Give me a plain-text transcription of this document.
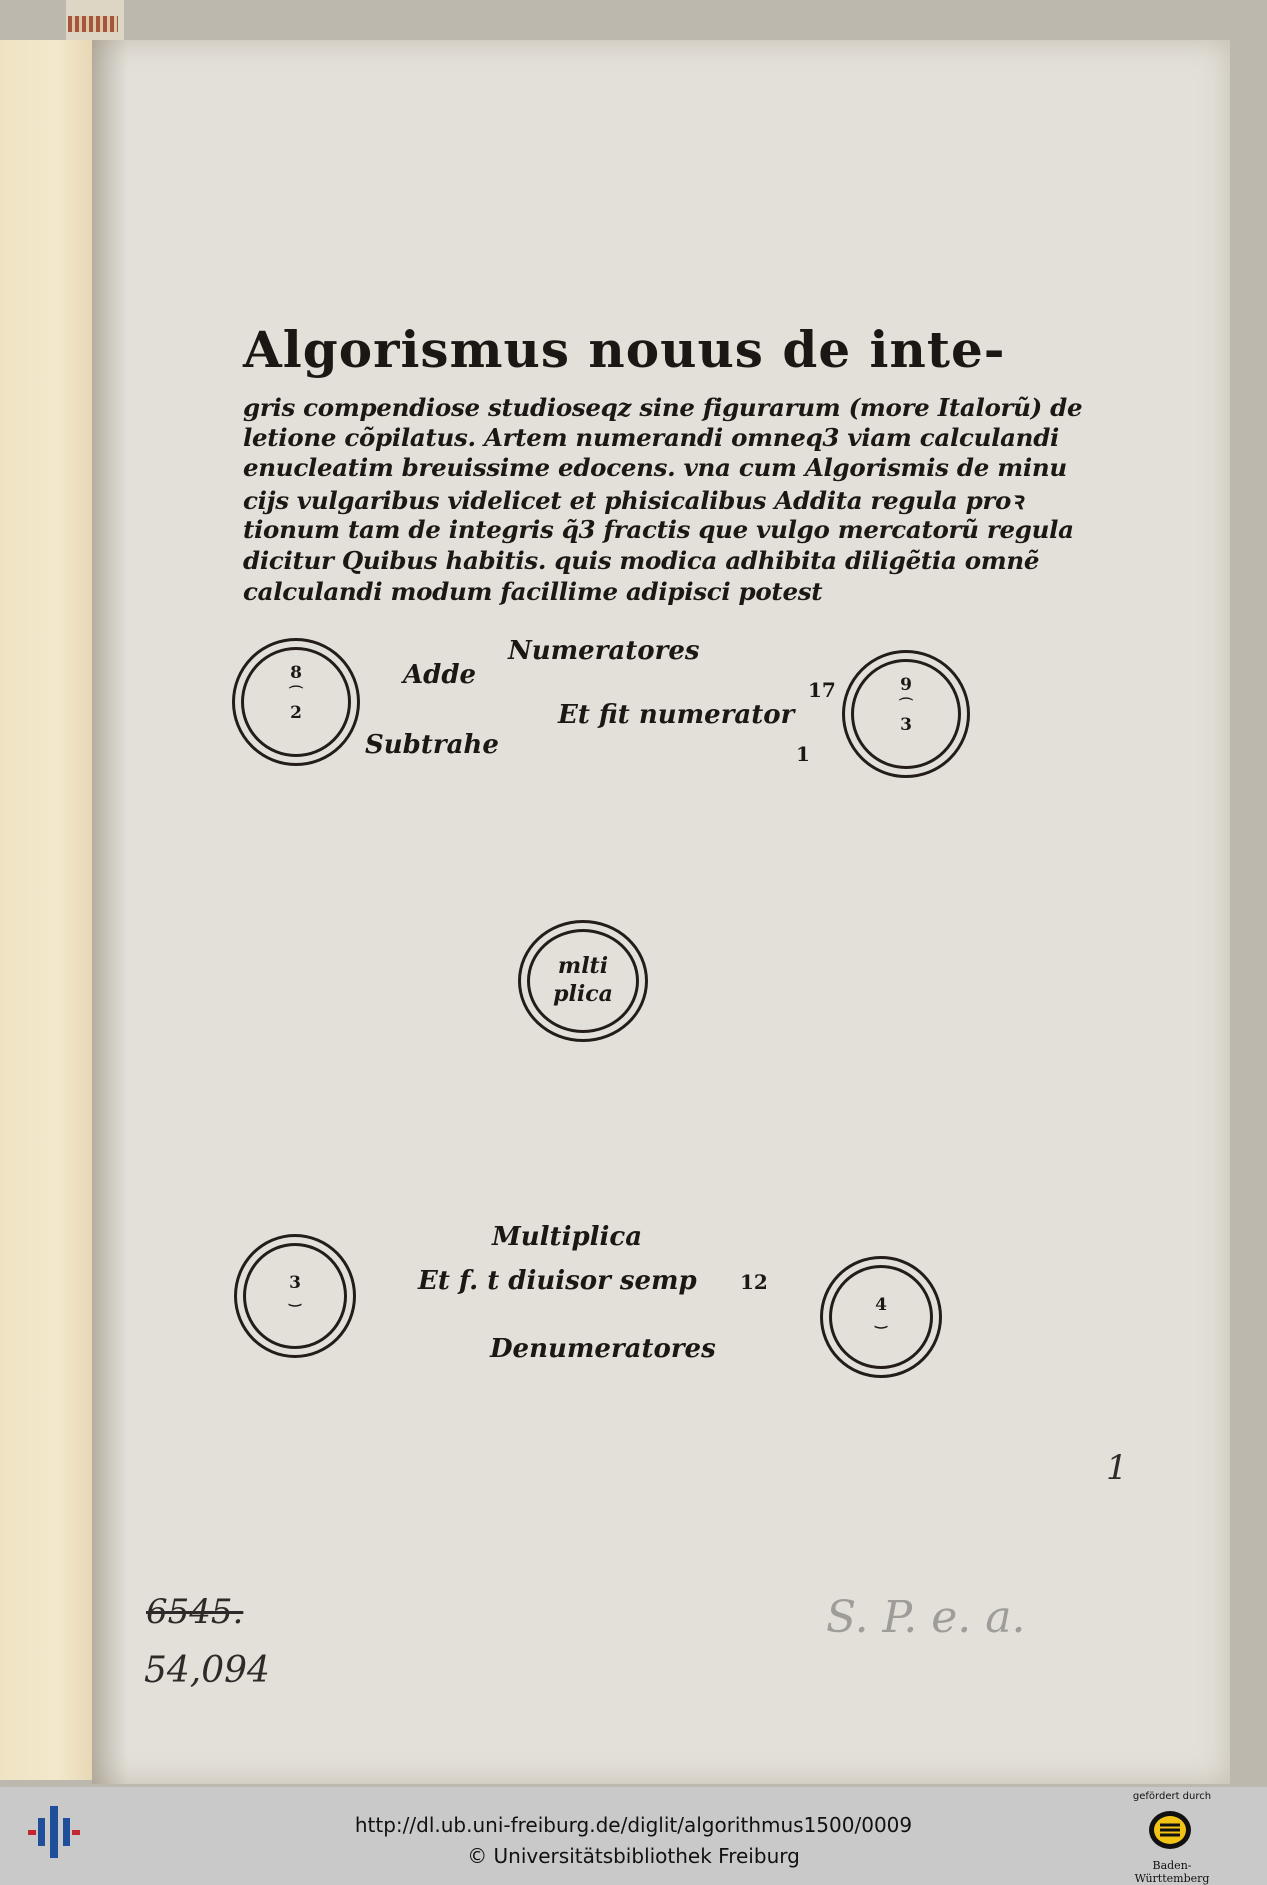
Algorismus nouus de inte-
gris compendiose studioseqz sine figurarum (more Italorũ) de
letione cõpilatus. Artem numerandi omneq3 viam calculandi
enucleatim breuissime edocens. vna cum Algorismis de minu
cijs vulgaribus videlicet et phisicalibus Addita regula proꝛ
tionum tam de integris q̃3 fractis que vulgo mercatorũ regula
dicitur Quibus habitis. quis modica adhibita diligẽtia omnẽ
calculandi modum facillime adipisci potest
Numeratores
8
⌒
2
Adde
Subtrahe
Et fit numerator
17
1
9
⌒
3
mlti
plica
Multiplica
3
‿
Et f. t diuisor semp 12
Denumeratores
4
‿
1
6545.
54,094
S. P. e. a.
http://dl.ub.uni-freiburg.de/diglit/algorithmus1500/0009
© Universitätsbibliothek Freiburg
gefördert durch
Baden-Württemberg
